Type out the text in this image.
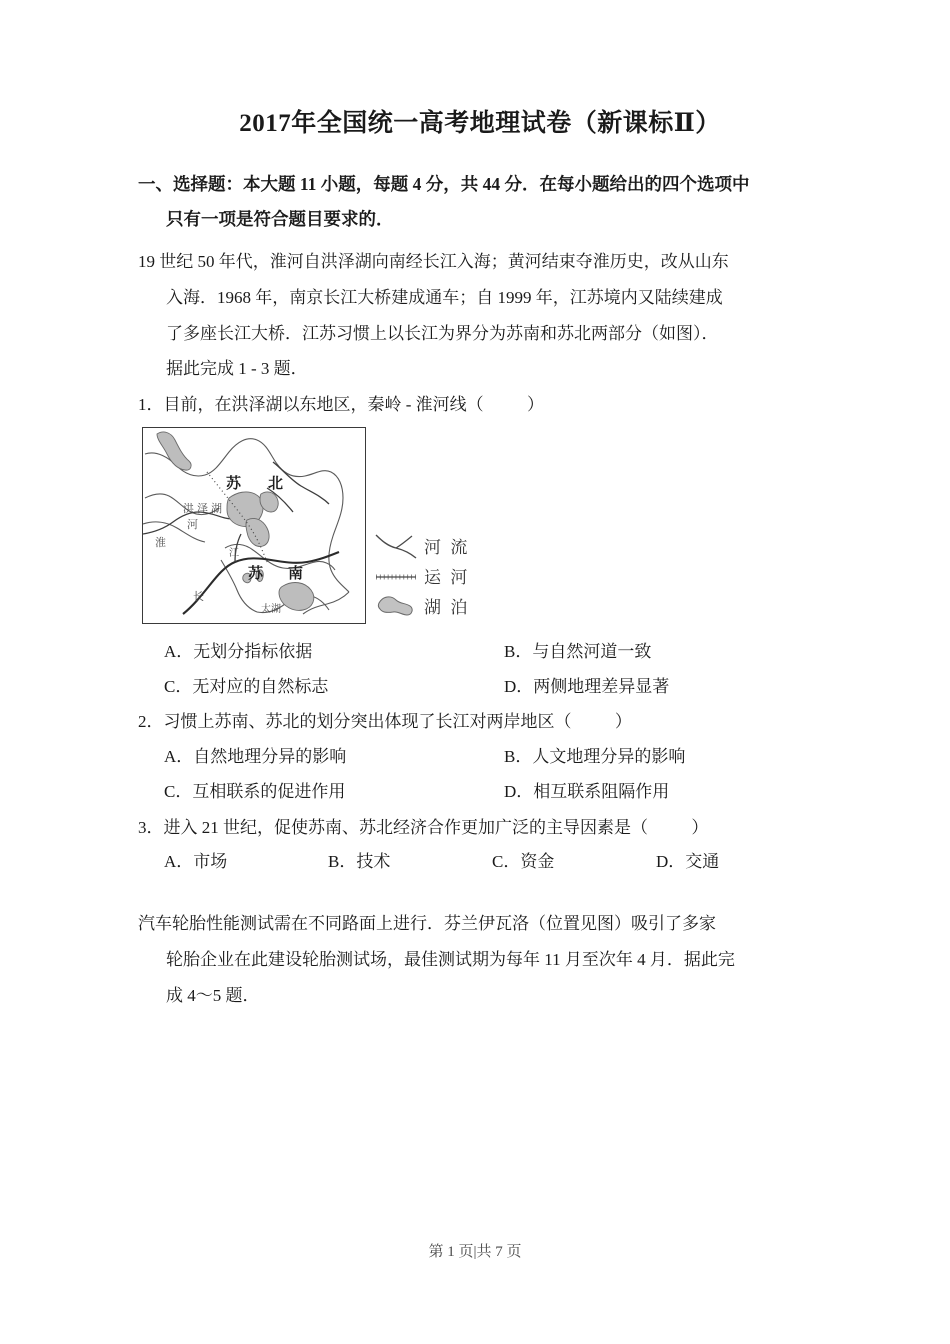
2017年全国统一高考地理试卷（新课标Ⅱ）
一、选择题：本大题 11 小题，每题 4 分，共 44 分．在每小题给出的四个选项中
只有一项是符合题目要求的．

19 世纪 50 年代，淮河自洪泽湖向南经长江入海；黄河结束夺淮历史，改从山东
入海．1968 年，南京长江大桥建成通车；自 1999 年，江苏境内又陆续建成
了多座长江大桥．江苏习惯上以长江为界分为苏南和苏北两部分（如图）．
据此完成 1 - 3 题．

1．目前，在洪泽湖以东地区，秦岭 - 淮河线（	）

苏 北
苏 南
洪 泽 湖
河
淮
江
长
太湖
河流
运河
湖泊
A．无划分指标依据	B．与自然河道一致
C．无对应的自然标志	D．两侧地理差异显著

2．习惯上苏南、苏北的划分突出体现了长江对两岸地区（	）

A．自然地理分异的影响	B．人文地理分异的影响
C．互相联系的促进作用	D．相互联系阻隔作用

3．进入 21 世纪，促使苏南、苏北经济合作更加广泛的主导因素是（	）

A．市场	B．技术	C．资金	D．交通

汽车轮胎性能测试需在不同路面上进行．芬兰伊瓦洛（位置见图）吸引了多家
轮胎企业在此建设轮胎测试场，最佳测试期为每年 11 月至次年 4 月．据此完
成 4～5 题．

第 1 页|共 7 页
